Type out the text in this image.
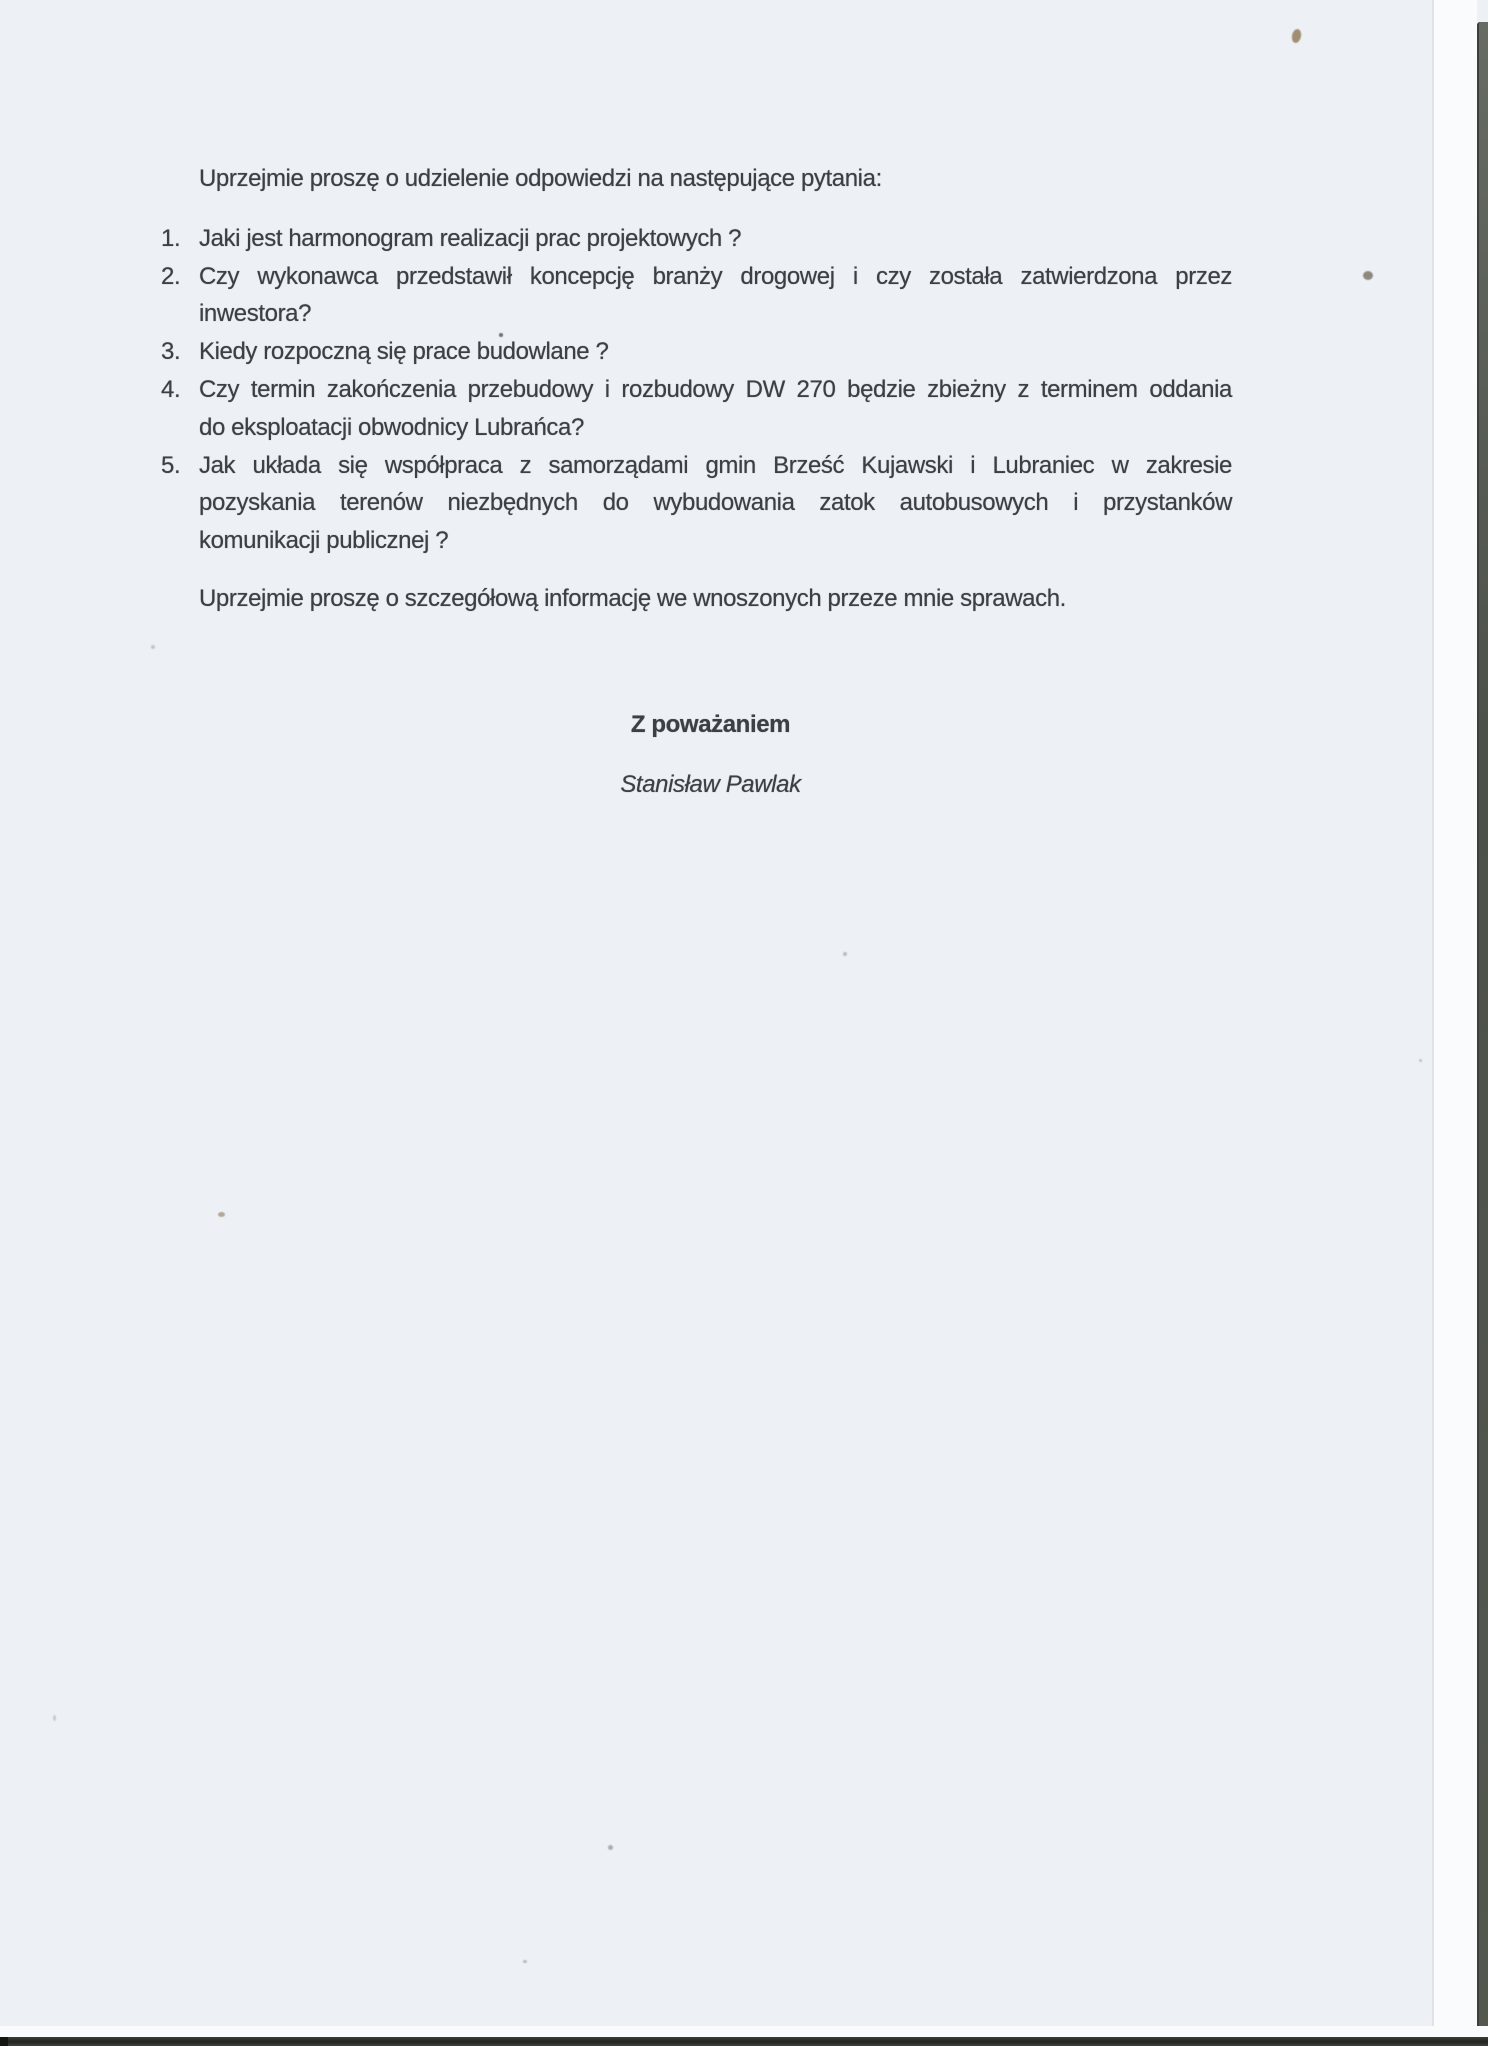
Uprzejmie proszę o udzielenie odpowiedzi na następujące pytania:

1. Jaki jest harmonogram realizacji prac projektowych ?
2. Czy wykonawca przedstawił koncepcję branży drogowej i czy została zatwierdzona przez
inwestora?
3. Kiedy rozpoczną się prace budowlane ?
4. Czy termin zakończenia przebudowy i rozbudowy DW 270 będzie zbieżny z terminem oddania
do eksploatacji obwodnicy Lubrańca?
5. Jak układa się współpraca z samorządami gmin Brześć Kujawski i Lubraniec w zakresie
pozyskania terenów niezbędnych do wybudowania zatok autobusowych i przystanków
komunikacji publicznej ?

Uprzejmie proszę o szczegółową informację we wnoszonych przeze mnie sprawach.

Z poważaniem

Stanisław Pawlak
